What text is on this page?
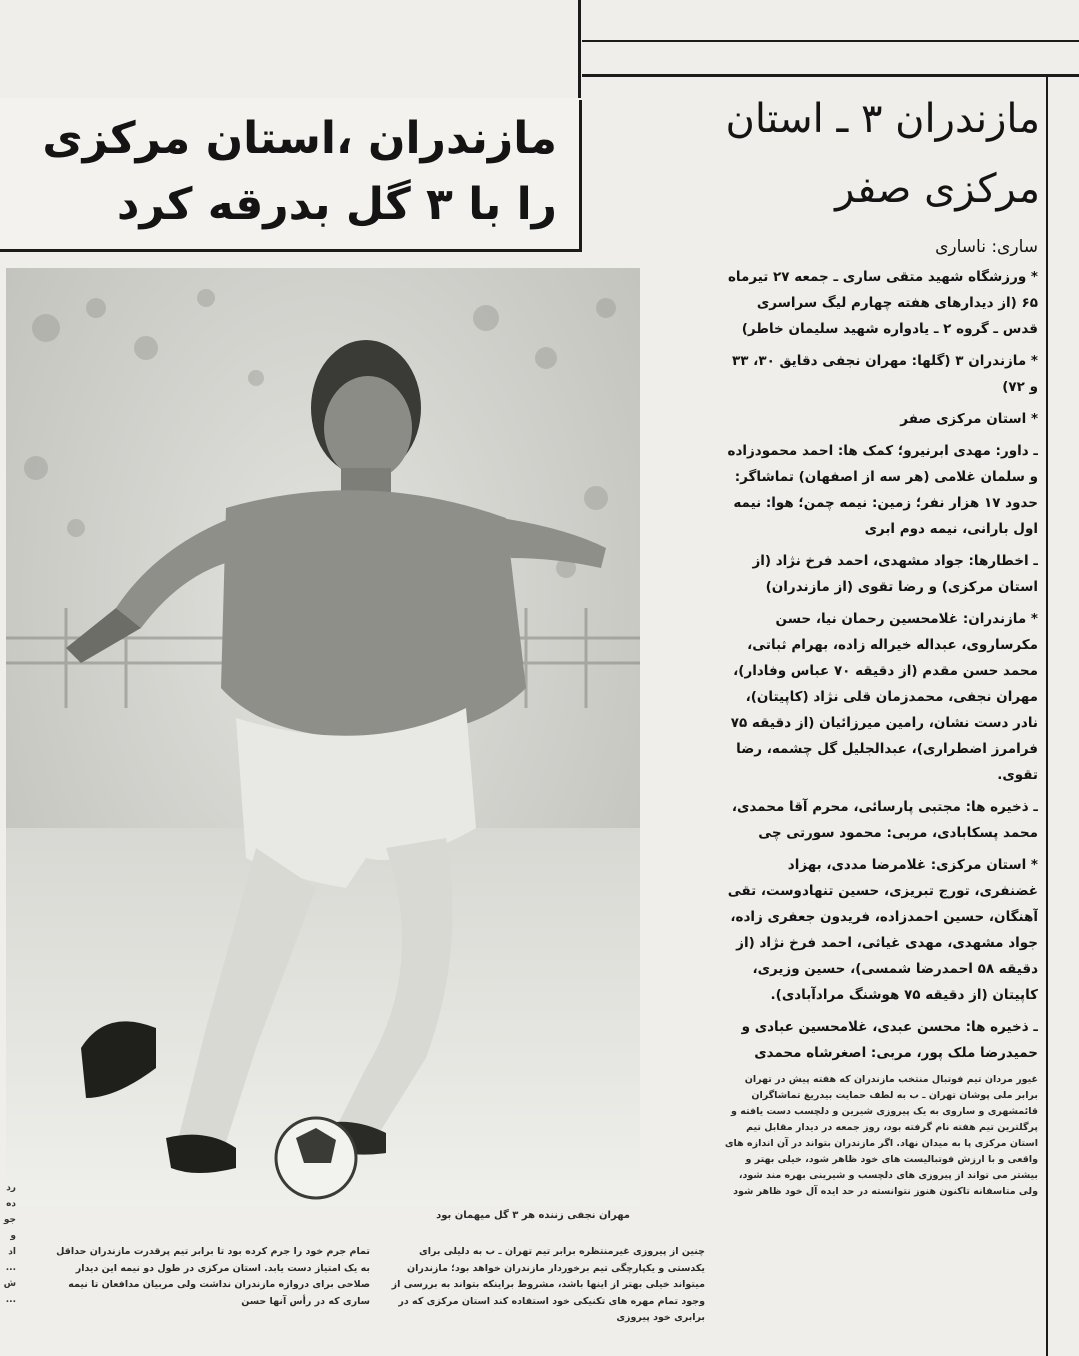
مازندران ،استان مرکزی
را با ۳ گل بدرقه کرد
مازندران ۳ ـ استان
مرکزی صفر

ساری: ناساری

* ورزشگاه شهید متقی ساری ـ جمعه ۲۷ تیرماه ۶۵ (از دیدارهای هفته چهارم لیگ سراسری قدس ـ گروه ۲ ـ یادواره شهید سلیمان خاطر)

* مازندران ۳ (گلها: مهران نجفی دقایق ۳۰، ۳۳ و ۷۲)

* استان مرکزی صفر

ـ داور: مهدی ابرنیرو؛ کمک ها: احمد محمودزاده و سلمان غلامی (هر سه از اصفهان) تماشاگر: حدود ۱۷ هزار نفر؛ زمین: نیمه چمن؛ هوا: نیمه اول بارانی، نیمه دوم ابری

ـ اخطارها: جواد مشهدی، احمد فرخ نژاد (از استان مرکزی) و رضا تقوی (از مازندران)

* مازندران: غلامحسین رحمان نیا، حسن مکرساروی، عبداله خیراله زاده، بهرام ثباتی، محمد حسن مقدم (از دقیقه ۷۰ عباس وفادار)، مهران نجفی، محمدزمان قلی نژاد (کاپیتان)، نادر دست نشان، رامین میرزائیان (از دقیقه ۷۵ فرامرز اضطراری)، عبدالجلیل گل چشمه، رضا تقوی.

ـ ذخیره ها: مجتبی پارسائی، محرم آقا محمدی، محمد پسکابادی، مربی: محمود سورتی چی

* استان مرکزی: غلامرضا مددی، بهزاد غضنفری، تورج تبریزی، حسین تنهادوست، تقی آهنگان، حسین احمدزاده، فریدون جعفری زاده، جواد مشهدی، مهدی غیاثی، احمد فرخ نژاد (از دقیقه ۵۸ احمدرضا شمسی)، حسین وزیری، کاپیتان (از دقیقه ۷۵ هوشنگ مرادآبادی).

ـ ذخیره ها: محسن عبدی، غلامحسین عبادی و حمیدرضا ملک پور، مربی: اصغرشاه محمدی

غیور مردان تیم فوتبال منتخب مازندران که هفته پیش در تهران برابر ملی پوشان تهران ـ ب به لطف حمایت بیدریغ تماشاگران قائمشهری و ساروی به یک پیروزی شیرین و دلچسب دست یافته و پرگلترین تیم هفته نام گرفته بود، روز جمعه در دیدار مقابل تیم استان مرکزی پا به میدان نهاد. اگر مازندران بتواند در آن اندازه های واقعی و با ارزش فوتبالیست های خود ظاهر شود، خیلی بهتر و بیشتر می تواند از پیروزی های دلچسب و شیرینی بهره مند شود، ولی متاسفانه تاکنون هنوز نتوانسته در حد ایده آل خود ظاهر شود

مهران نجفی زننده هر ۳ گل میهمان بود
تمام جرم خود را جرم کرده بود تا برابر تیم پرقدرت مازندران حداقل به یک امتیاز دست یابد. استان مرکزی در طول دو نیمه این دیدار صلاحی برای دروازه مازندران نداشت ولی مربیان مدافعان تا نیمه ساری که در رأس آنها حسن
چنین از پیروزی غیرمنتظره برابر تیم تهران ـ ب به دلیلی برای یکدستی و یکپارچگی تیم برخوردار مازندران خواهد بود؛ مازندران میتواند خیلی بهتر از اینها باشد، مشروط براینکه بتواند به بررسی از وجود تمام مهره های تکنیکی خود استفاده کند استان مرکزی که در برابری خود پیروزی
رد ده جو و اد ... ش ...
